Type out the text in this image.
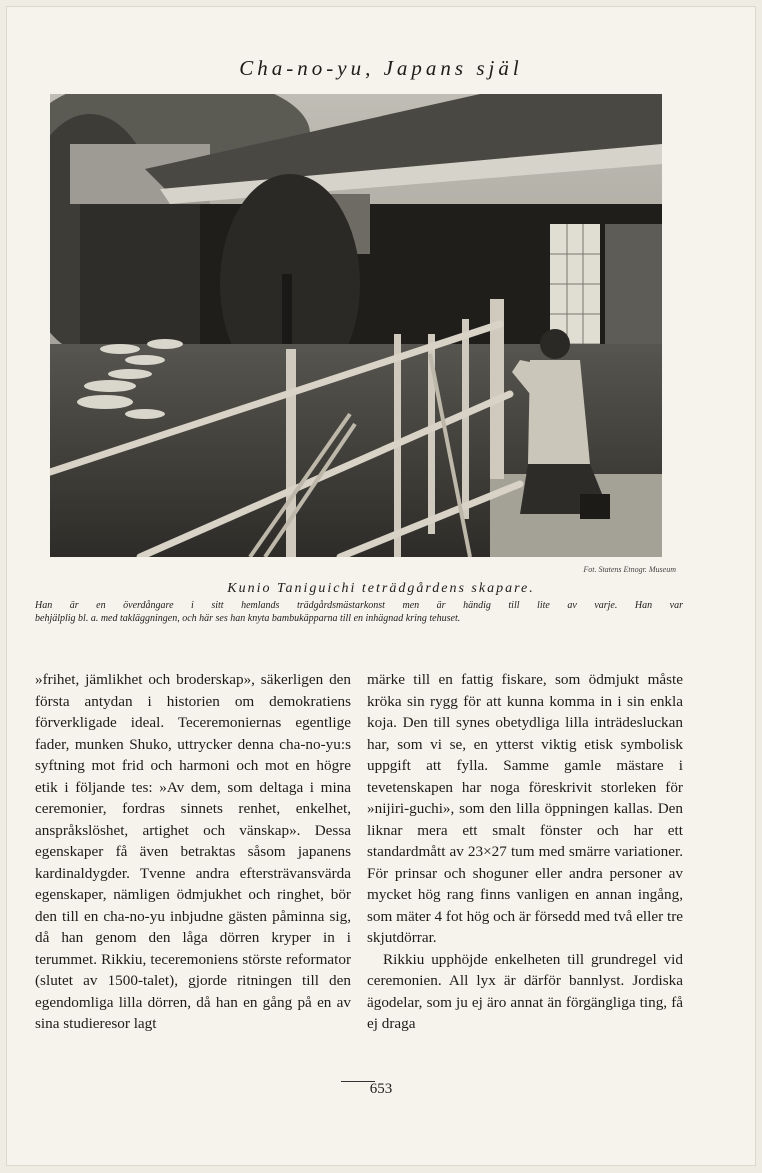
Cha-no-yu, Japans själ
Fot. Statens Etnogr. Museum
Kunio Taniguichi teträdgårdens skapare.
Han är en överdångare i sitt hemlands trädgårdsmästarkonst men är händig till lite av varje. Han var
behjälplig bl. a. med takläggningen, och här ses han knyta bambukäpparna till en inhägnad kring tehuset.

»frihet, jämlikhet och broderskap», säkerligen den första antydan i historien om demokratiens förverkligade ideal. Teceremoniernas egentlige fader, munken Shuko, uttrycker denna cha-no-yu:s syftning mot frid och harmoni och mot en högre etik i följande tes: »Av dem, som deltaga i mina ceremonier, fordras sinnets renhet, enkelhet, anspråkslöshet, artighet och vänskap». Dessa egenskaper få även betraktas såsom japanens kardinaldygder. Tvenne andra eftersträvansvärda egenskaper, nämligen ödmjukhet och ringhet, bör den till en cha-no-yu inbjudne gästen påminna sig, då han genom den låga dörren kryper in i terummet. Rikkiu, teceremoniens störste reformator (slutet av 1500-talet), gjorde ritningen till den egendomliga lilla dörren, då han en gång på en av sina studieresor lagt

märke till en fattig fiskare, som ödmjukt måste kröka sin rygg för att kunna komma in i sin enkla koja. Den till synes obetydliga lilla inträdesluckan har, som vi se, en ytterst viktig etisk symbolisk uppgift att fylla. Samme gamle mästare i tevetenskapen har noga föreskrivit storleken för »nijiri-guchi», som den lilla öppningen kallas. Den liknar mera ett smalt fönster och har ett standardmått av 23×27 tum med smärre variationer. För prinsar och shoguner eller andra personer av mycket hög rang finns vanligen en annan ingång, som mäter 4 fot hög och är försedd med två eller tre skjutdörrar.

Rikkiu upphöjde enkelheten till grundregel vid ceremonien. All lyx är därför bannlyst. Jordiska ägodelar, som ju ej äro annat än förgängliga ting, få ej draga

653
